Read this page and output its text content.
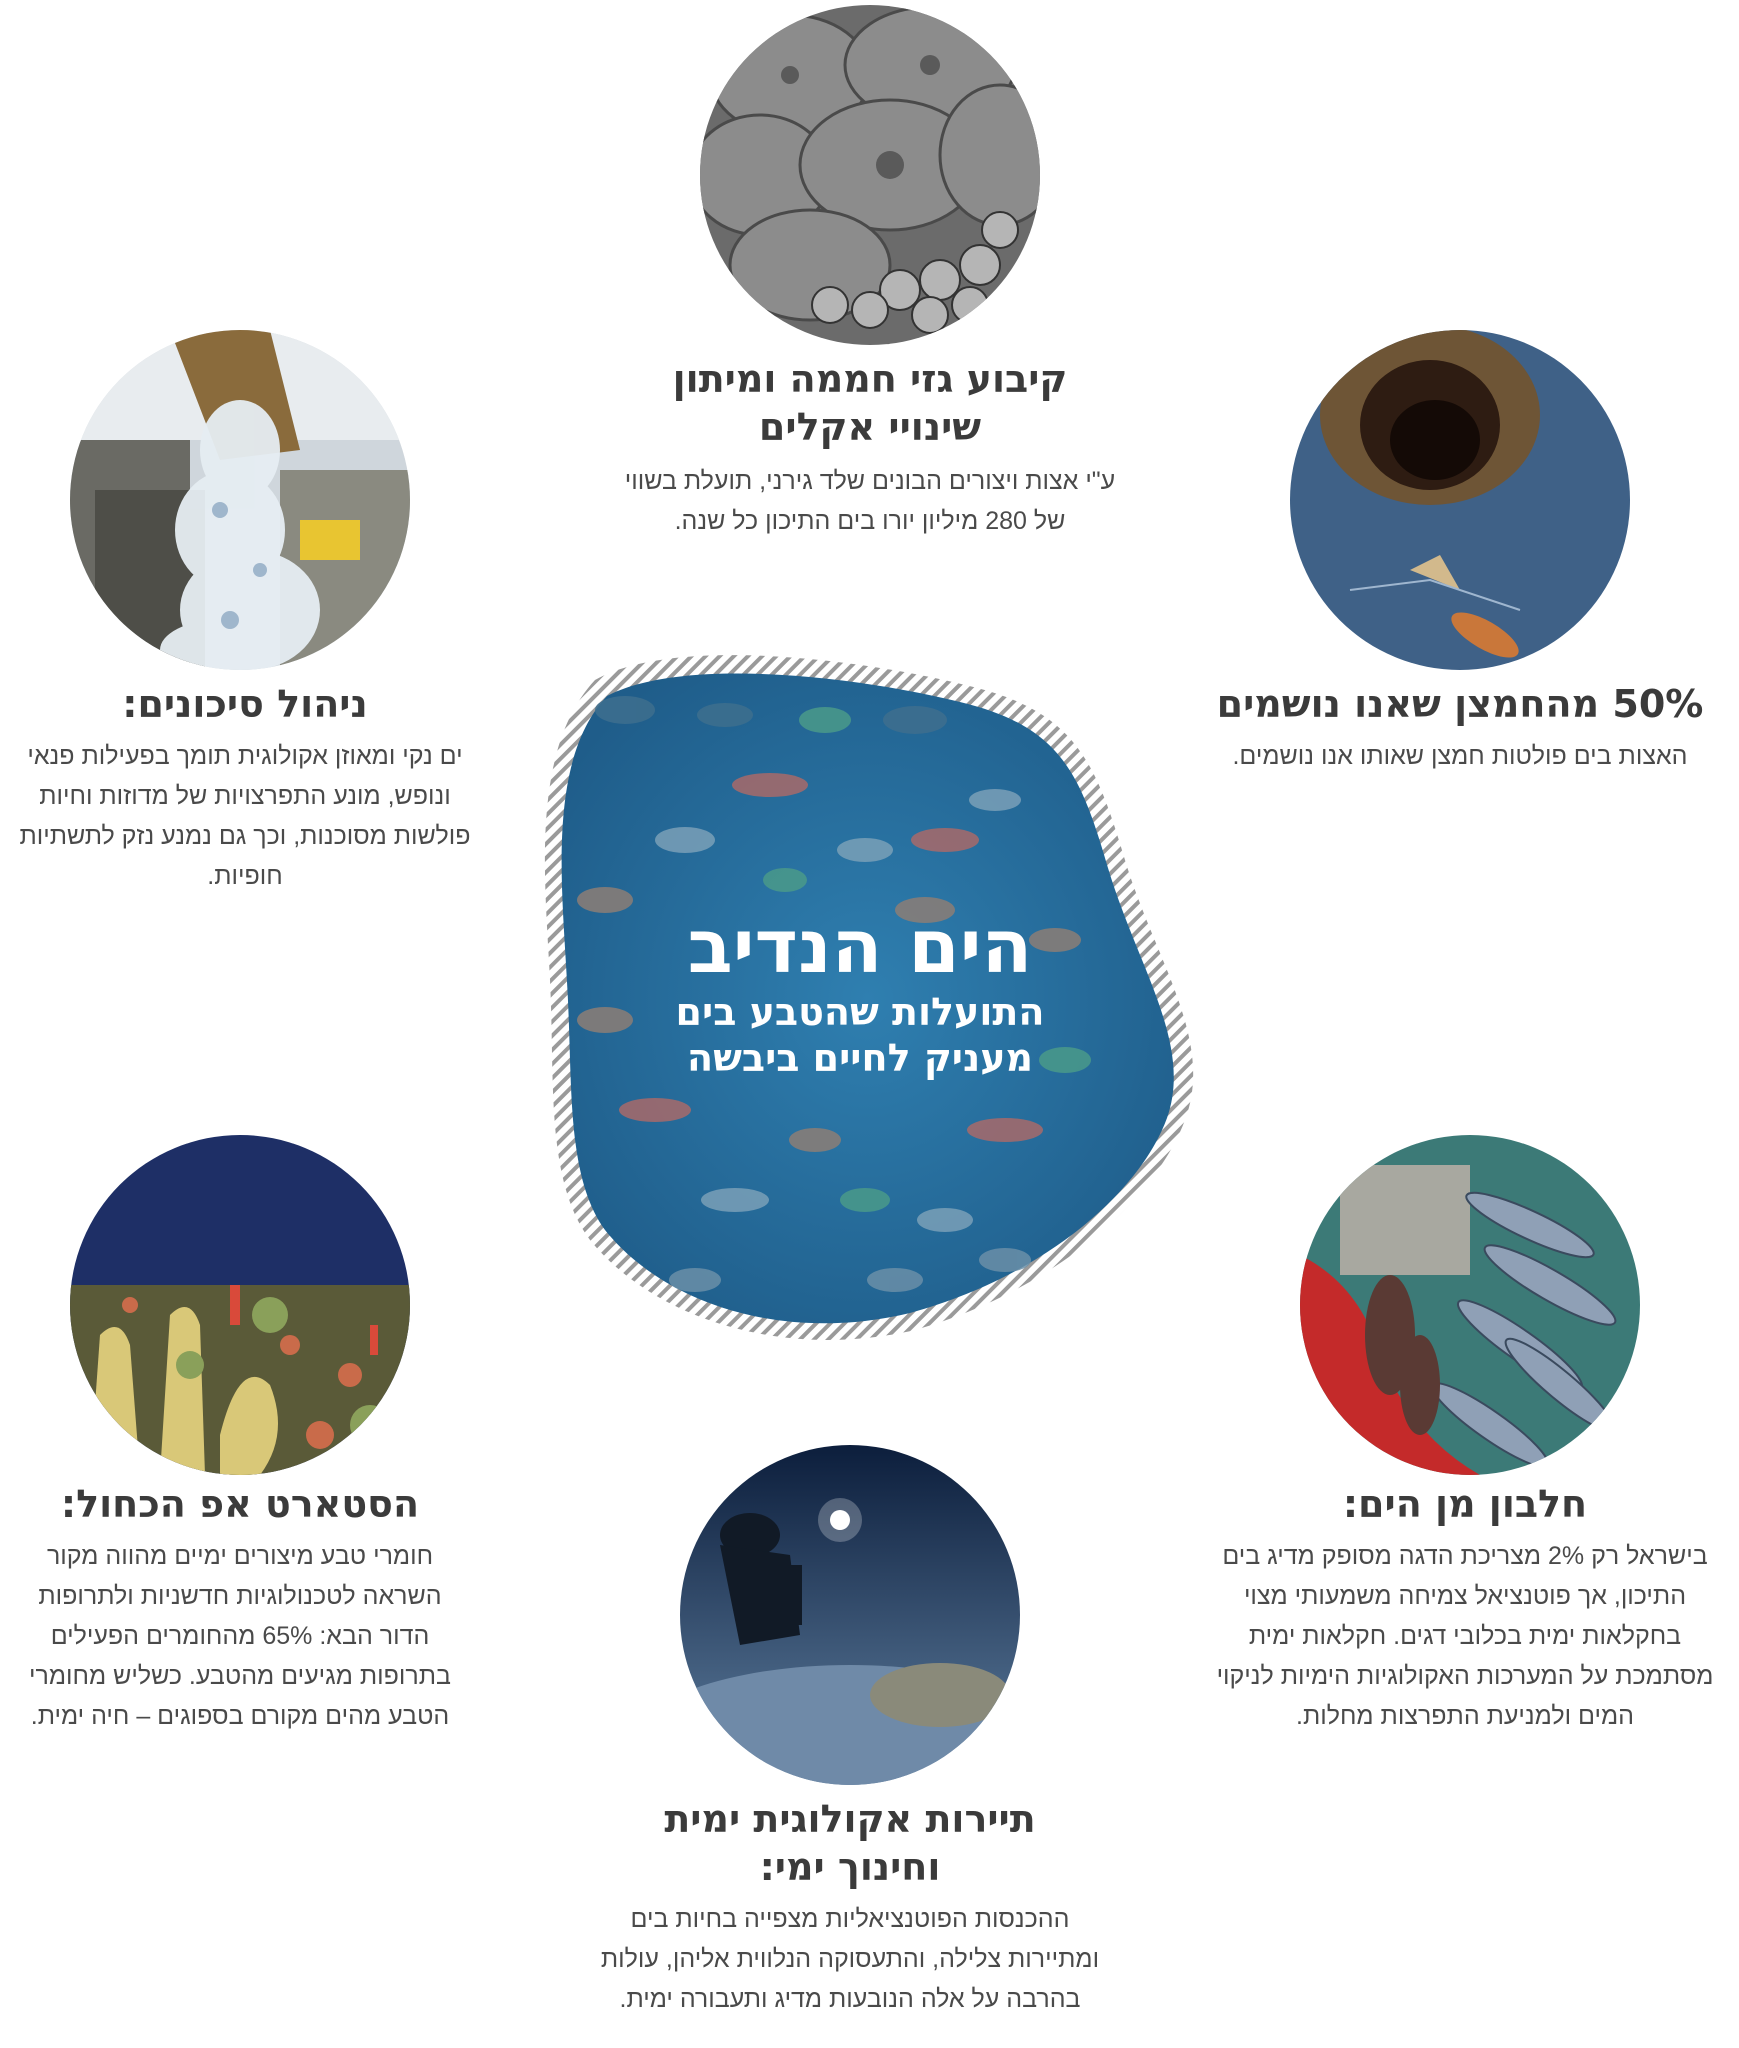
קיבוע גזי חממה ומיתון
שינויי אקלים

ע"י אצות ויצורים הבונים שלד גירני, תועלת בשווי
של 280 מיליון יורו בים התיכון כל שנה.

ניהול סיכונים:

ים נקי ומאוזן אקולוגית תומך בפעילות פנאי
ונופש, מונע התפרצויות של מדוזות וחיות
פולשות מסוכנות, וכך גם נמנע נזק לתשתיות
חופיות.

50% מהחמצן שאנו נושמים

האצות בים פולטות חמצן שאותו אנו נושמים.

הים הנדיב
התועלות שהטבע בים
מעניק לחיים ביבשה
הסטארט אפ הכחול:

חומרי טבע מיצורים ימיים מהווה מקור
השראה לטכנולוגיות חדשניות ולתרופות
הדור הבא: 65% מהחומרים הפעילים
בתרופות מגיעים מהטבע. כשליש מחומרי
הטבע מהים מקורם בספוגים – חיה ימית.

חלבון מן הים:

בישראל רק 2% מצריכת הדגה מסופק מדיג בים
התיכון, אך פוטנציאל צמיחה משמעותי מצוי
בחקלאות ימית בכלובי דגים. חקלאות ימית
מסתמכת על המערכות האקולוגיות הימיות לניקוי
המים ולמניעת התפרצות מחלות.

תיירות אקולוגית ימית
וחינוך ימי:

ההכנסות הפוטנציאליות מצפייה בחיות בים
ומתיירות צלילה, והתעסוקה הנלווית אליהן, עולות
בהרבה על אלה הנובעות מדיג ותעבורה ימית.
